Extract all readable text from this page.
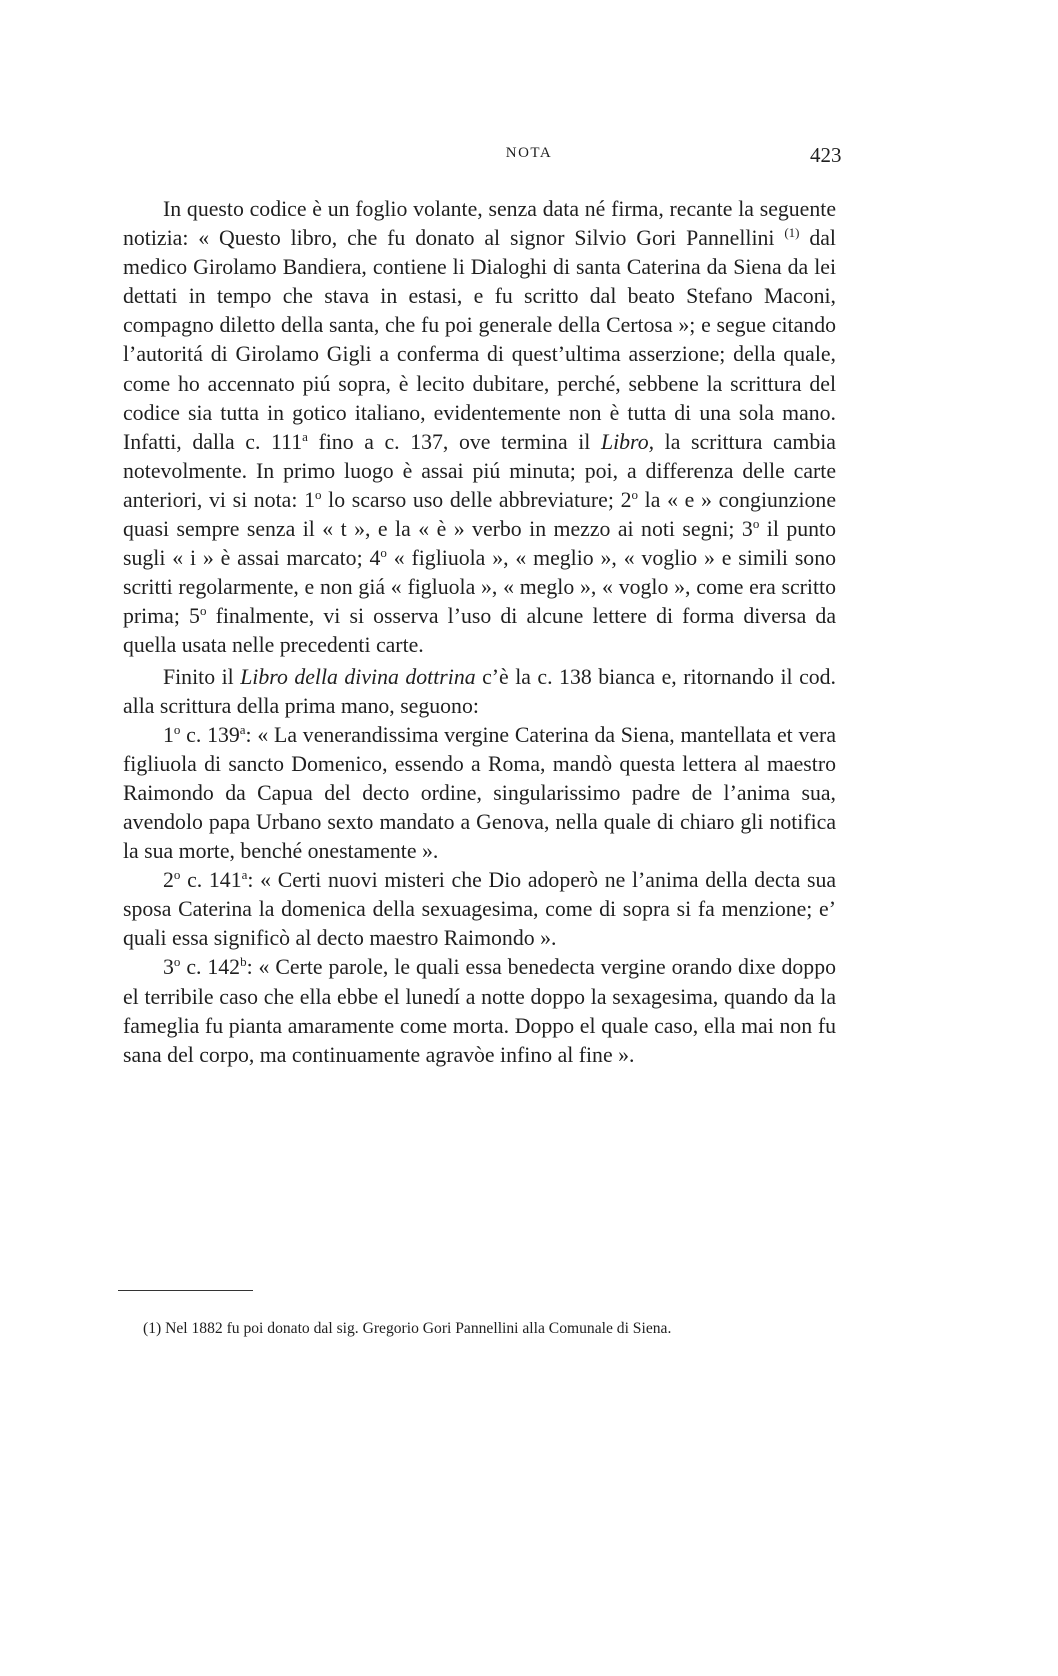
NOTA	423

In questo codice è un foglio volante, senza data né firma, recante la seguente notizia: « Questo libro, che fu donato al signor Silvio Gori Pannellini $^{(1)}$ dal medico Girolamo Bandiera, contiene li Dialoghi di santa Caterina da Siena da lei dettati in tempo che stava in estasi, e fu scritto dal beato Stefano Maconi, compagno diletto della santa, che fu poi generale della Certosa »; e segue citando l’autoritá di Girolamo Gigli a conferma di quest’ultima asserzione; della quale, come ho accennato piú sopra, è lecito dubitare, perché, sebbene la scrittura del codice sia tutta in gotico italiano, evidentemente non è tutta di una sola mano. Infatti, dalla c. 111$^a$ fino a c. 137, ove termina il Libro, la scrittura cambia notevolmente. In primo luogo è assai piú minuta; poi, a differenza delle carte anteriori, vi si nota: 1$^o$ lo scarso uso delle abbreviature; 2$^o$ la « e » congiunzione quasi sempre senza il « t », e la « è » verbo in mezzo ai noti segni; 3$^o$ il punto sugli « i » è assai marcato; 4$^o$ « figliuola », « meglio », « voglio » e simili sono scritti regolarmente, e non giá « figluola », « meglo », « voglo », come era scritto prima; 5$^o$ finalmente, vi si osserva l’uso di alcune lettere di forma diversa da quella usata nelle precedenti carte.

Finito il Libro della divina dottrina c’è la c. 138 bianca e, ritornando il cod. alla scrittura della prima mano, seguono:

1$^o$ c. 139$^a$: « La venerandissima vergine Caterina da Siena, mantellata et vera figliuola di sancto Domenico, essendo a Roma, mandò questa lettera al maestro Raimondo da Capua del decto ordine, singularissimo padre de l’anima sua, avendolo papa Urbano sexto mandato a Genova, nella quale di chiaro gli notifica la sua morte, benché onestamente ».

2$^o$ c. 141$^a$: « Certi nuovi misteri che Dio adoperò ne l’anima della decta sua sposa Caterina la domenica della sexuagesima, come di sopra si fa menzione; e’ quali essa significò al decto maestro Raimondo ».

3$^o$ c. 142$^b$: « Certe parole, le quali essa benedecta vergine orando dixe doppo el terribile caso che ella ebbe el lunedí a notte doppo la sexagesima, quando da la fameglia fu pianta amaramente come morta. Doppo el quale caso, ella mai non fu sana del corpo, ma continuamente agravòe infino al fine ».

(1) Nel 1882 fu poi donato dal sig. Gregorio Gori Pannellini alla Comunale di Siena.
